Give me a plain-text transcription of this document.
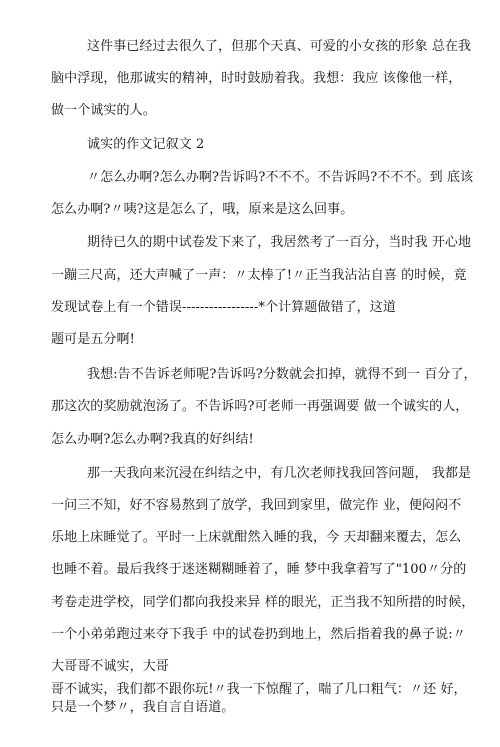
这件事已经过去很久了，但那个天真、可爱的小女孩的形象 总在我
脑中浮现，他那诚实的精神，时时鼓励着我。我想：我应 该像他一样，
做一个诚实的人。
诚实的作文记叙文 2
〃怎么办啊?怎么办啊?告诉吗?不不不。不告诉吗?不不不。到 底该
怎么办啊?〃咦?这是怎么了，哦，原来是这么回事。
期待已久的期中试卷发下来了，我居然考了一百分，当时我 开心地
一蹦三尺高，还大声喊了一声：〃太棒了!〃正当我沾沾自喜 的时候，竟
发现试卷上有一个错误-----------------*个计算题做错了，这道
题可是五分啊!
我想:告不告诉老师呢?告诉吗?分数就会扣掉，就得不到一 百分了，
那这次的奖励就泡汤了。不告诉吗?可老师一再强调要 做一个诚实的人，
怎么办啊?怎么办啊?我真的好纠结!
那一天我向来沉浸在纠结之中，有几次老师找我回答问题， 我都是
一问三不知，好不容易熬到了放学，我回到家里，做完作 业，便闷闷不
乐地上床睡觉了。平时一上床就酣然入睡的我，今 天却翻来覆去，怎么
也睡不着。最后我终于迷迷糊糊睡着了，睡 梦中我拿着写了"100〃分的
考卷走进学校，同学们都向我投来异 样的眼光，正当我不知所措的时候，
一个小弟弟跑过来夺下我手 中的试卷扔到地上，然后指着我的鼻子说:〃
大哥哥不诚实，大哥
哥不诚实，我们都不跟你玩!〃我一下惊醒了，喘了几口粗气：〃还 好，
只是一个梦〃，我自言自语道。
